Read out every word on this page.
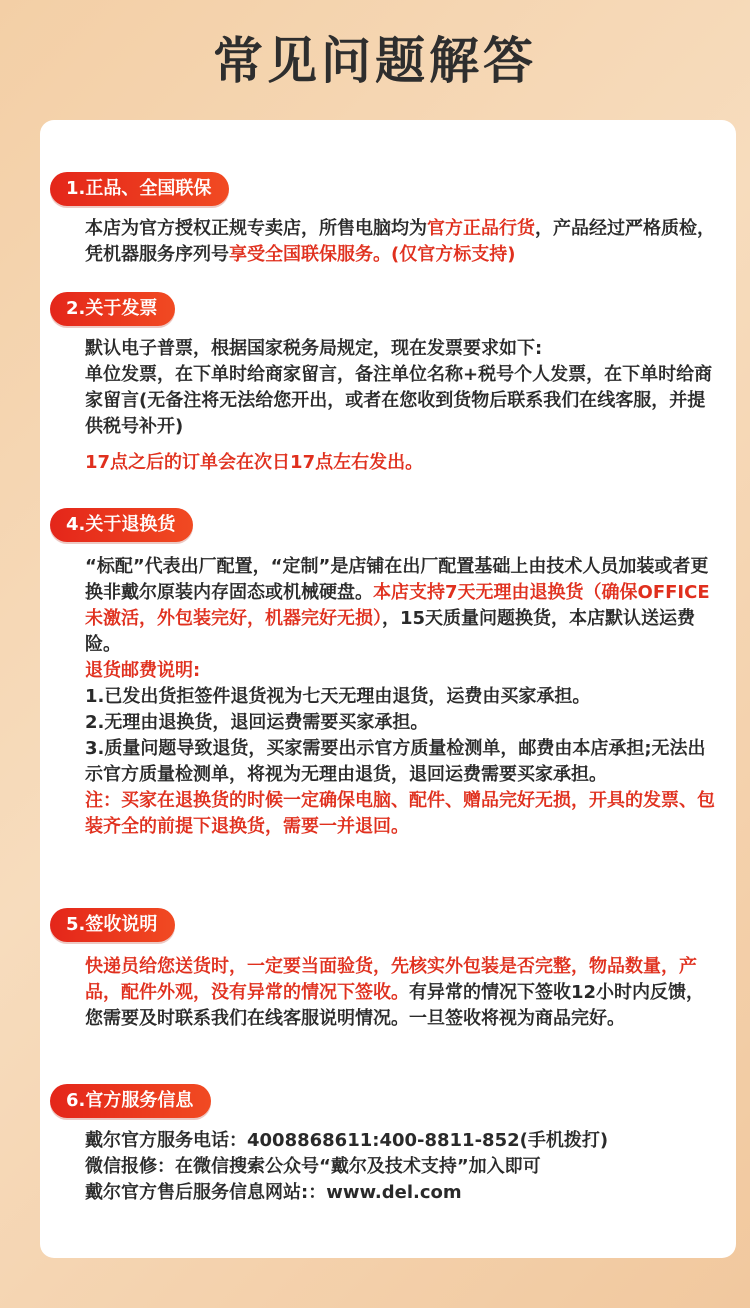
常见问题解答
1.正品、全国联保

本店为官方授权正规专卖店，所售电脑均为官方正品行货，产品经过严格质检，凭机器服务序列号享受全国联保服务。(仅官方标支持)

2.关于发票

默认电子普票，根据国家税务局规定，现在发票要求如下:

单位发票，在下单时给商家留言，备注单位名称+税号个人发票，在下单时给商家留言(无备注将无法给您开出，或者在您收到货物后联系我们在线客服，并提供税号补开)

17点之后的订单会在次日17点左右发出。

4.关于退换货

“标配”代表出厂配置，“定制”是店铺在出厂配置基础上由技术人员加装或者更换非戴尔原装内存固态或机械硬盘。本店支持7天无理由退换货（确保OFFICE未激活，外包装完好，机器完好无损），15天质量问题换货，本店默认送运费险。

退货邮费说明:

1.已发出货拒签件退货视为七天无理由退货，运费由买家承担。

2.无理由退换货，退回运费需要买家承担。

3.质量问题导致退货，买家需要出示官方质量检测单，邮费由本店承担;无法出示官方质量检测单，将视为无理由退货，退回运费需要买家承担。

注：买家在退换货的时候一定确保电脑、配件、赠品完好无损，开具的发票、包装齐全的前提下退换货，需要一并退回。

5.签收说明

快递员给您送货时，一定要当面验货，先核实外包装是否完整，物品数量，产品，配件外观，没有异常的情况下签收。有异常的情况下签收12小时内反馈，您需要及时联系我们在线客服说明情况。一旦签收将视为商品完好。

6.官方服务信息

戴尔官方服务电话：4008868611:400-8811-852(手机拨打)

微信报修：在微信搜索公众号“戴尔及技术支持”加入即可

戴尔官方售后服务信息网站:：www.del.com
